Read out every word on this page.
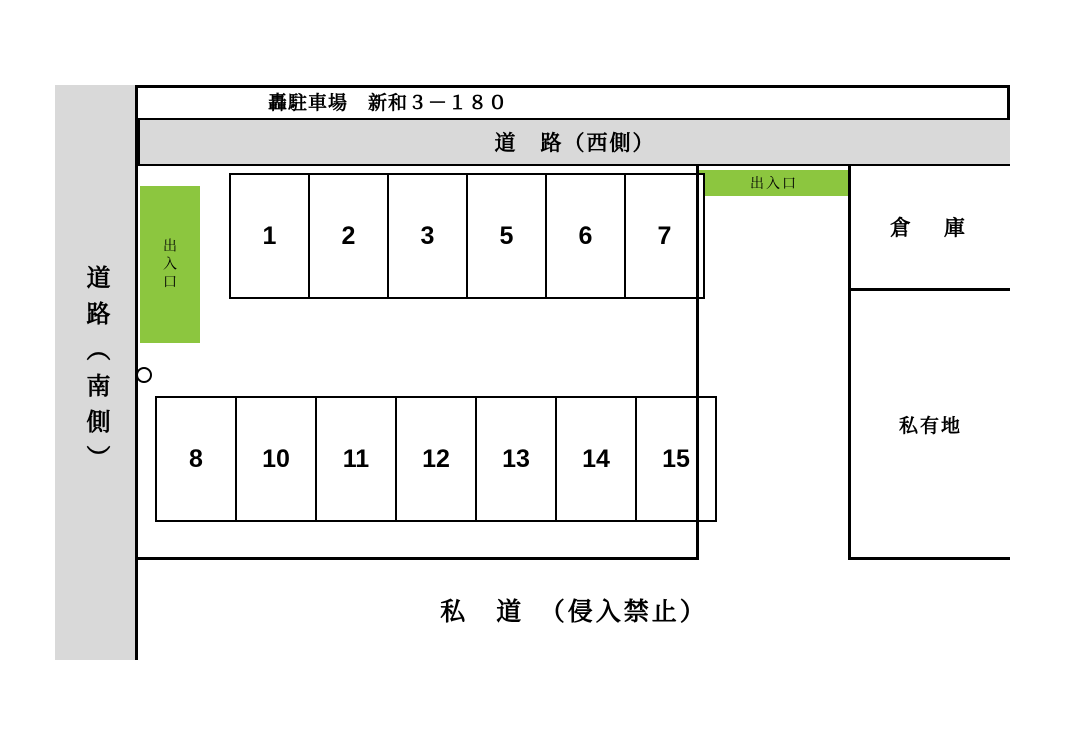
轟駐車場　新和３－１８０
道　路（西側）
道路（南側）	出入口
出入口
1	2	3	5	6	7
8	10	11	12	13	14	15
倉　庫
私有地
私　道　（侵入禁止）
